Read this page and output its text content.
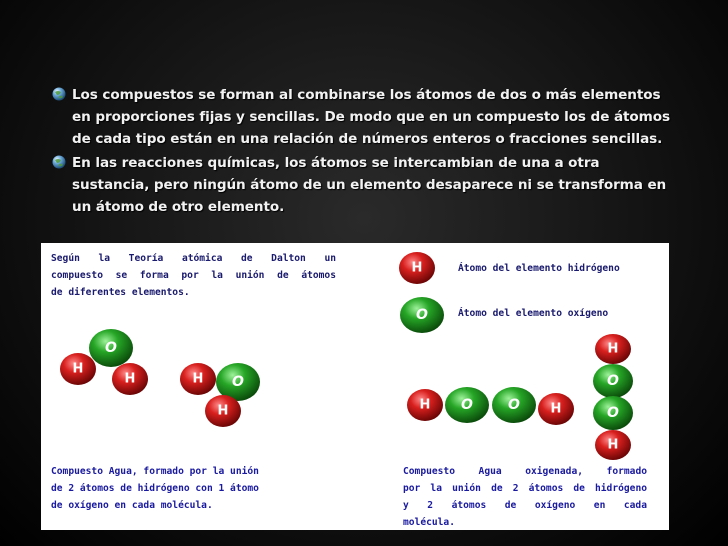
Los compuestos se forman al combinarse los átomos de dos o más elementos en proporciones fijas y sencillas. De modo que en un compuesto los de átomos de cada tipo están en una relación de números enteros o fracciones sencillas.
En las reacciones químicas, los átomos se intercambian de una a otra sustancia, pero ningún átomo de un elemento desaparece ni se transforma en un átomo de otro elemento.
Según la Teoría atómica de Dalton un
compuesto se forma por la unión de átomos
de diferentes elementos.
Átomo del elemento hidrógeno
Átomo del elemento oxígeno
H
O
O
H
H	H O
H	H O	O H
H
O
O
H
Compuesto Agua, formado por la unión
de 2 átomos de hidrógeno con 1 átomo
de oxígeno en cada molécula.
Compuesto Agua oxigenada, formado
por la unión de 2 átomos de hidrógeno
y 2 átomos de oxígeno en cada
molécula.
